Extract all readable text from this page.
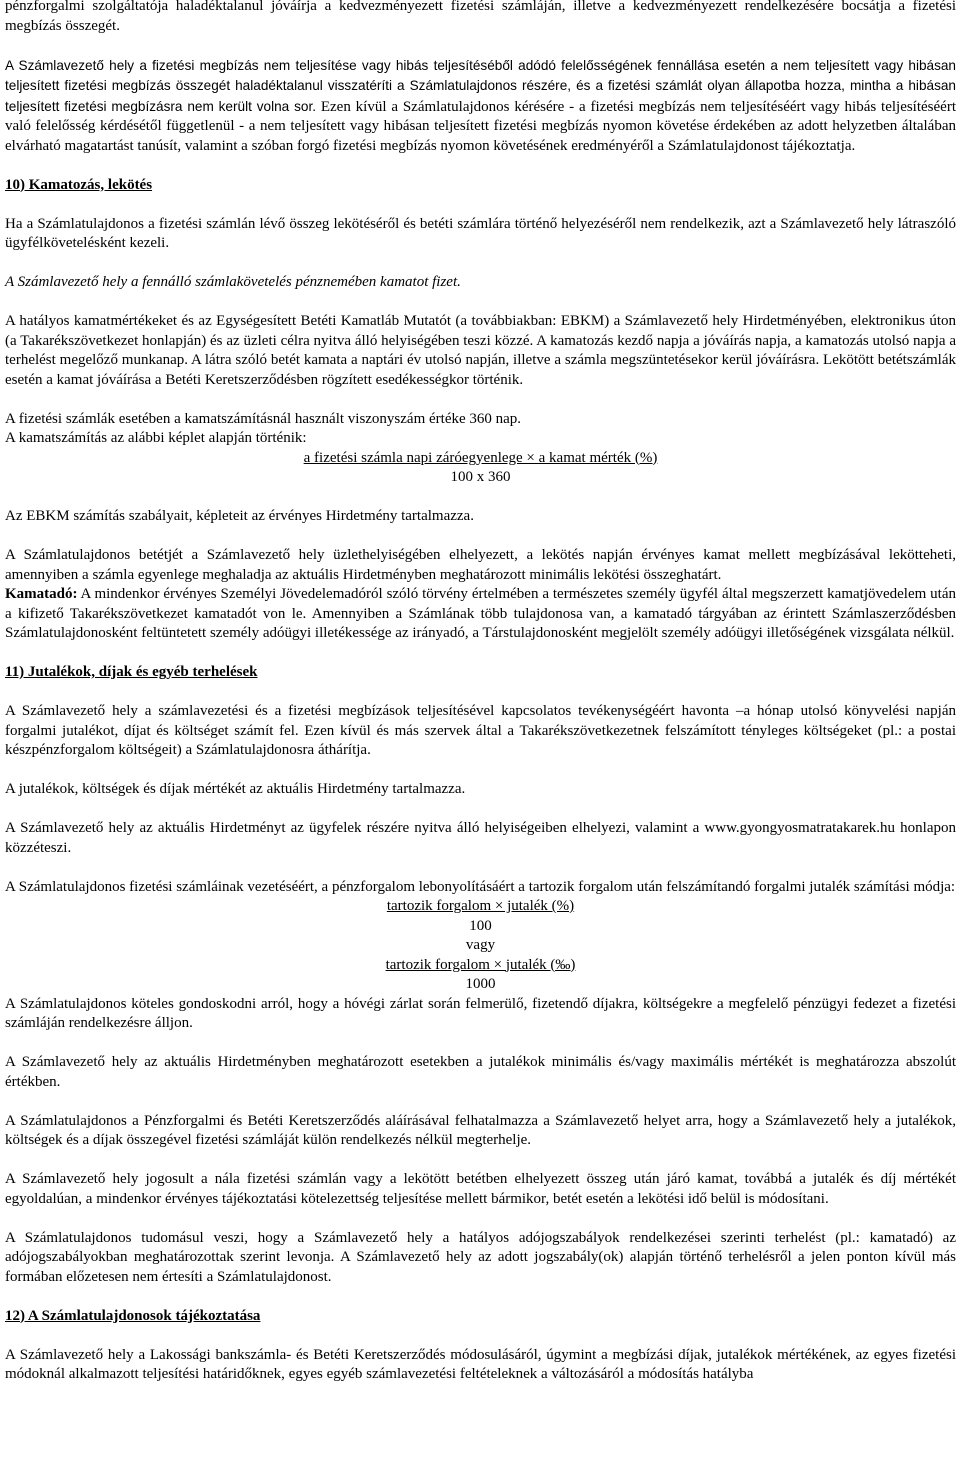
pénzforgalmi szolgáltatója haladéktalanul jóváírja a kedvezményezett fizetési számláján, illetve a kedvezményezett rendelkezésére bocsátja a fizetési megbízás összegét.

A Számlavezető hely a fizetési megbízás nem teljesítése vagy hibás teljesítéséből adódó felelősségének fennállása esetén a nem teljesített vagy hibásan teljesített fizetési megbízás összegét haladéktalanul visszatéríti a Számlatulajdonos részére, és a fizetési számlát olyan állapotba hozza, mintha a hibásan teljesített fizetési megbízásra nem került volna sor. Ezen kívül a Számlatulajdonos kérésére - a fizetési megbízás nem teljesítéséért vagy hibás teljesítéséért való felelősség kérdésétől függetlenül - a nem teljesített vagy hibásan teljesített fizetési megbízás nyomon követése érdekében az adott helyzetben általában elvárható magatartást tanúsít, valamint a szóban forgó fizetési megbízás nyomon követésének eredményéről a Számlatulajdonost tájékoztatja.

10) Kamatozás, lekötés

Ha a Számlatulajdonos a fizetési számlán lévő összeg lekötéséről és betéti számlára történő helyezéséről nem rendelkezik, azt a Számlavezető hely látraszóló ügyfélkövetelésként kezeli.

A Számlavezető hely a fennálló számlakövetelés pénznemében kamatot fizet.

A hatályos kamatmértékeket és az Egységesített Betéti Kamatláb Mutatót (a továbbiakban: EBKM) a Számlavezető hely Hirdetményében, elektronikus úton (a Takarékszövetkezet honlapján) és az üzleti célra nyitva álló helyiségében teszi közzé. A kamatozás kezdő napja a jóváírás napja, a kamatozás utolsó napja a terhelést megelőző munkanap. A látra szóló betét kamata a naptári év utolsó napján, illetve a számla megszüntetésekor kerül jóváírásra. Lekötött betétszámlák esetén a kamat jóváírása a Betéti Keretszerződésben rögzített esedékességkor történik.

A fizetési számlák esetében a kamatszámításnál használt viszonyszám értéke 360 nap.

A kamatszámítás az alábbi képlet alapján történik:

a fizetési számla napi záróegyenlege × a kamat mérték (%)

100 x 360

Az EBKM számítás szabályait, képleteit az érvényes Hirdetmény tartalmazza.

A Számlatulajdonos betétjét a Számlavezető hely üzlethelyiségében elhelyezett, a lekötés napján érvényes kamat mellett megbízásával lekötteheti, amennyiben a számla egyenlege meghaladja az aktuális Hirdetményben meghatározott minimális lekötési összeghatárt.

Kamatadó: A mindenkor érvényes Személyi Jövedelemadóról szóló törvény értelmében a természetes személy ügyfél által megszerzett kamatjövedelem után a kifizető Takarékszövetkezet kamatadót von le. Amennyiben a Számlának több tulajdonosa van, a kamatadó tárgyában az érintett Számlaszerződésben Számlatulajdonosként feltüntetett személy adóügyi illetékessége az irányadó, a Társtulajdonosként megjelölt személy adóügyi illetőségének vizsgálata nélkül.

11) Jutalékok, díjak és egyéb terhelések

A Számlavezető hely a számlavezetési és a fizetési megbízások teljesítésével kapcsolatos tevékenységéért havonta –a hónap utolsó könyvelési napján forgalmi jutalékot, díjat és költséget számít fel. Ezen kívül és más szervek által a Takarékszövetkezetnek felszámított tényleges költségeket (pl.: a postai készpénzforgalom költségeit) a Számlatulajdonosra áthárítja.

A jutalékok, költségek és díjak mértékét az aktuális Hirdetmény tartalmazza.

A Számlavezető hely az aktuális Hirdetményt az ügyfelek részére nyitva álló helyiségeiben elhelyezi, valamint a www.gyongyosmatratakarek.hu honlapon közzéteszi.

A Számlatulajdonos fizetési számláinak vezetéséért, a pénzforgalom lebonyolításáért a tartozik forgalom után felszámítandó forgalmi jutalék számítási módja:

tartozik forgalom × jutalék (%)

100

vagy

tartozik forgalom × jutalék (‰)

1000

A Számlatulajdonos köteles gondoskodni arról, hogy a hóvégi zárlat során felmerülő, fizetendő díjakra, költségekre a megfelelő pénzügyi fedezet a fizetési számláján rendelkezésre álljon.

A Számlavezető hely az aktuális Hirdetményben meghatározott esetekben a jutalékok minimális és/vagy maximális mértékét is meghatározza abszolút értékben.

A Számlatulajdonos a Pénzforgalmi és Betéti Keretszerződés aláírásával felhatalmazza a Számlavezető helyet arra, hogy a Számlavezető hely a jutalékok, költségek és a díjak összegével fizetési számláját külön rendelkezés nélkül megterhelje.

A Számlavezető hely jogosult a nála fizetési számlán vagy a lekötött betétben elhelyezett összeg után járó kamat, továbbá a jutalék és díj mértékét egyoldalúan, a mindenkor érvényes tájékoztatási kötelezettség teljesítése mellett bármikor, betét esetén a lekötési idő belül is módosítani.

A Számlatulajdonos tudomásul veszi, hogy a Számlavezető hely a hatályos adójogszabályok rendelkezései szerinti terhelést (pl.: kamatadó) az adójogszabályokban meghatározottak szerint levonja. A Számlavezető hely az adott jogszabály(ok) alapján történő terhelésről a jelen ponton kívül más formában előzetesen nem értesíti a Számlatulajdonost.

12) A Számlatulajdonosok tájékoztatása

A Számlavezető hely a Lakossági bankszámla- és Betéti Keretszerződés módosulásáról, úgymint a megbízási díjak, jutalékok mértékének, az egyes fizetési módoknál alkalmazott teljesítési határidőknek, egyes egyéb számlavezetési feltételeknek a változásáról a módosítás hatályba
